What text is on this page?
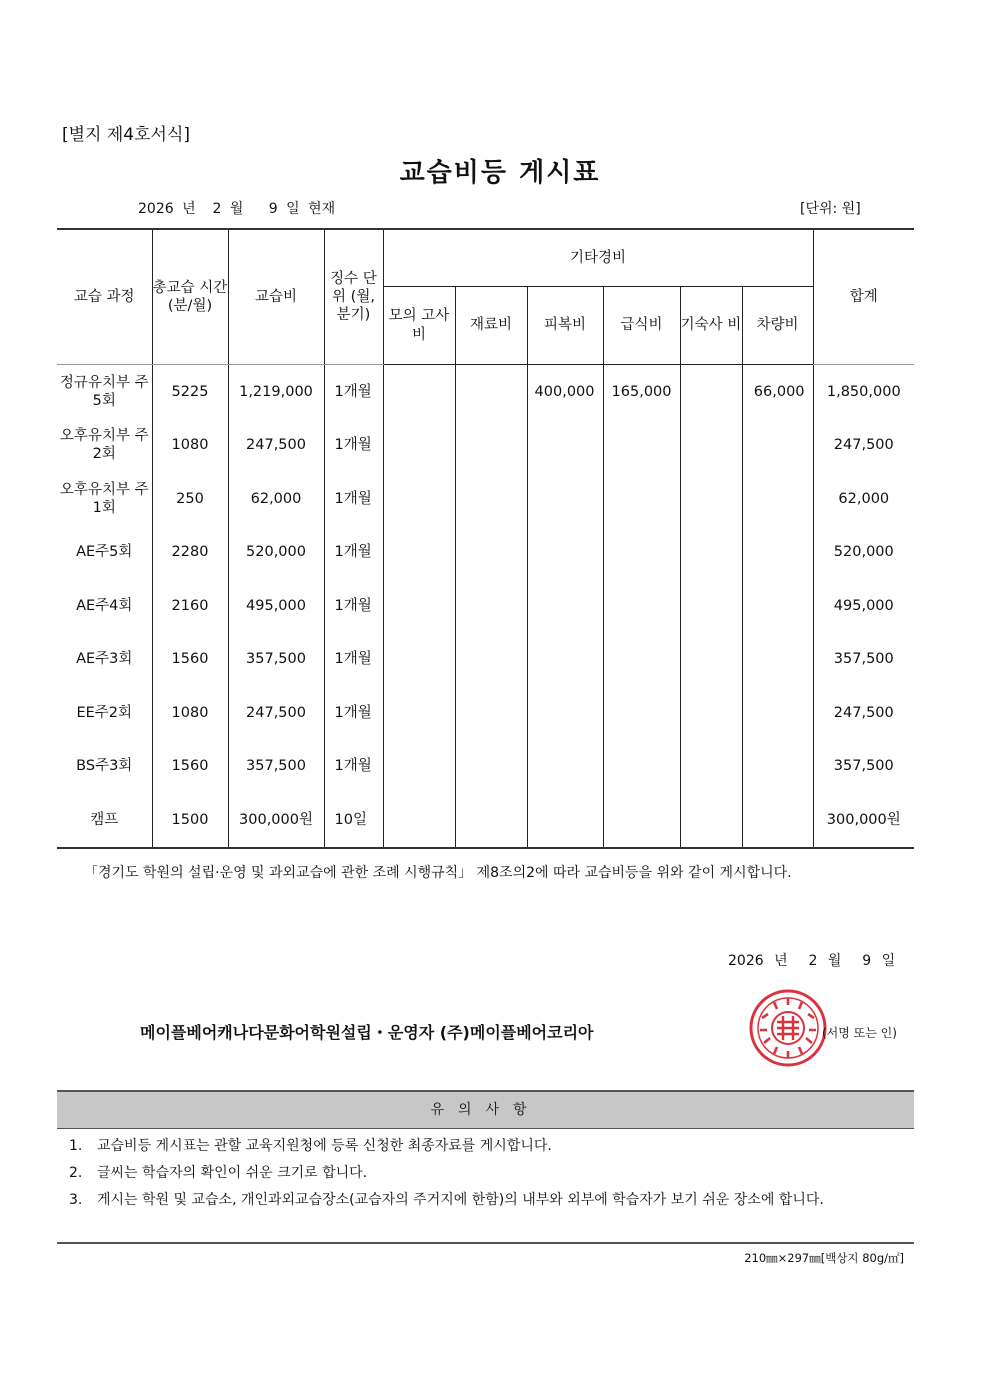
[별지 제4호서식]
교습비등 게시표
2026 년  2 월   9 일 현재	[단위: 원]
교습 과정	총교습 시간 (분/월)	교습비	징수 단위 (월, 분기)	기타경비						합계
				모의 고사비	재료비	피복비	급식비	기숙사 비	차량비	
정규유치부 주5회	5225	1,219,000	1개월			400,000	165,000		66,000	1,850,000
오후유치부 주2회	1080	247,500	1개월							247,500
오후유치부 주1회	250	62,000	1개월							62,000
AE주5회	2280	520,000	1개월							520,000
AE주4회	2160	495,000	1개월							495,000
AE주3회	1560	357,500	1개월							357,500
EE주2회	1080	247,500	1개월							247,500
BS주3회	1560	357,500	1개월							357,500
캠프	1500	300,000원	10일							300,000원
「경기도 학원의 설립·운영 및 과외교습에 관한 조례 시행규칙」 제8조의2에 따라 교습비등을 위와 같이 게시합니다.
2026 년  2 월  9 일
메이플베어캐나다문화어학원설립・운영자 (주)메이플베어코리아	(서명 또는 인)
유의사항
1.	교습비등 게시표는 관할 교육지원청에 등록 신청한 최종자료를 게시합니다.
2.	글씨는 학습자의 확인이 쉬운 크기로 합니다.
3.	게시는 학원 및 교습소, 개인과외교습장소(교습자의 주거지에 한함)의 내부와 외부에 학습자가 보기 쉬운 장소에 합니다.
210㎜×297㎜[백상지 80g/㎡]
